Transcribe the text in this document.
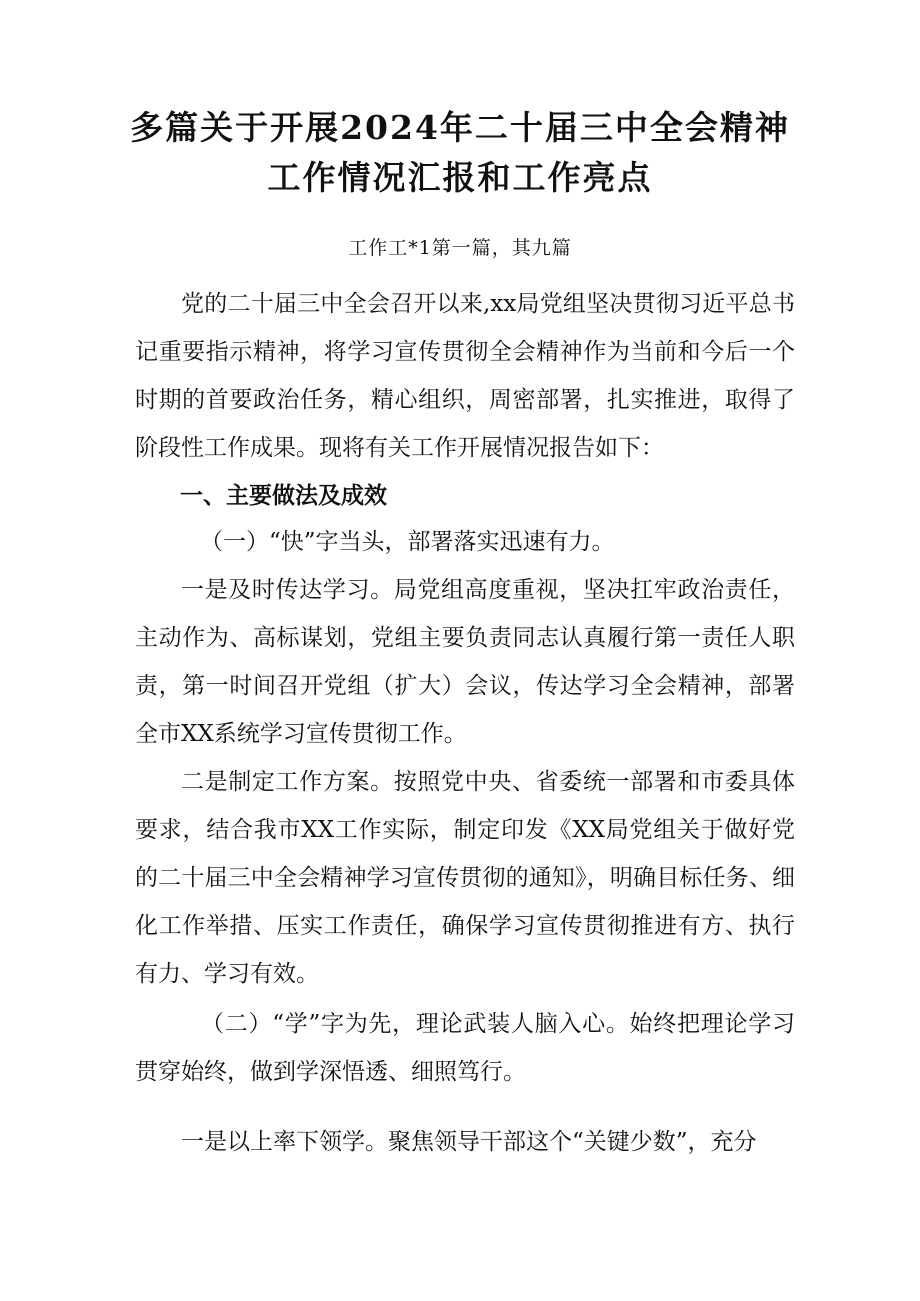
多篇关于开展2024年二十届三中全会精神
工作情况汇报和工作亮点

工作工*1第一篇，其九篇

党的二十届三中全会召开以来,xx局党组坚决贯彻习近平总书记重要指示精神，将学习宣传贯彻全会精神作为当前和今后一个时期的首要政治任务，精心组织，周密部署，扎实推进，取得了阶段性工作成果。现将有关工作开展情况报告如下：

一、主要做法及成效

（一）“快”字当头，部署落实迅速有力。

一是及时传达学习。局党组高度重视，坚决扛牢政治责任，主动作为、高标谋划，党组主要负责同志认真履行第一责任人职责，第一时间召开党组（扩大）会议，传达学习全会精神，部署全市XX系统学习宣传贯彻工作。

二是制定工作方案。按照党中央、省委统一部署和市委具体要求，结合我市XX工作实际，制定印发《XX局党组关于做好党的二十届三中全会精神学习宣传贯彻的通知》，明确目标任务、细化工作举措、压实工作责任，确保学习宣传贯彻推进有方、执行有力、学习有效。

（二）“学”字为先，理论武装人脑入心。始终把理论学习贯穿始终，做到学深悟透、细照笃行。

一是以上率下领学。聚焦领导干部这个“关键少数”，充分
